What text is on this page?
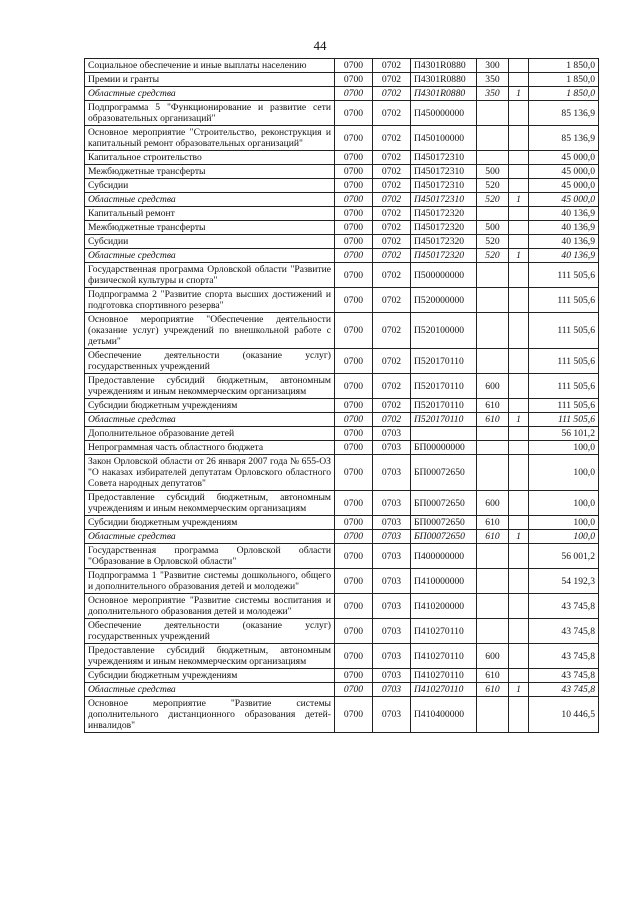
44
Социальное обеспечение и иные выплаты населению	0700	0702	П4301R0880	300		1 850,0
Премии и гранты	0700	0702	П4301R0880	350		1 850,0
Областные средства	0700	0702	П4301R0880	350	1	1 850,0
Подпрограмма 5 "Функционирование и развитие сети образовательных организаций"	0700	0702	П450000000			85 136,9
Основное мероприятие "Строительство, реконструкция и капитальный ремонт образовательных организаций"	0700	0702	П450100000			85 136,9
Капитальное строительство	0700	0702	П450172310			45 000,0
Межбюджетные трансферты	0700	0702	П450172310	500		45 000,0
Субсидии	0700	0702	П450172310	520		45 000,0
Областные средства	0700	0702	П450172310	520	1	45 000,0
Капитальный ремонт	0700	0702	П450172320			40 136,9
Межбюджетные трансферты	0700	0702	П450172320	500		40 136,9
Субсидии	0700	0702	П450172320	520		40 136,9
Областные средства	0700	0702	П450172320	520	1	40 136,9
Государственная программа Орловской области "Развитие физической культуры и спорта"	0700	0702	П500000000			111 505,6
Подпрограмма 2 "Развитие спорта высших достижений и подготовка спортивного резерва"	0700	0702	П520000000			111 505,6
Основное мероприятие "Обеспечение деятельности (оказание услуг) учреждений по внешкольной работе с детьми"	0700	0702	П520100000			111 505,6
Обеспечение деятельности (оказание услуг) государственных учреждений	0700	0702	П520170110			111 505,6
Предоставление субсидий бюджетным, автономным учреждениям и иным некоммерческим организациям	0700	0702	П520170110	600		111 505,6
Субсидии бюджетным учреждениям	0700	0702	П520170110	610		111 505,6
Областные средства	0700	0702	П520170110	610	1	111 505,6
Дополнительное образование детей	0700	0703				56 101,2
Непрограммная часть областного бюджета	0700	0703	БП00000000			100,0
Закон Орловской области от 26 января 2007 года № 655-ОЗ "О наказах избирателей депутатам Орловского областного Совета народных депутатов"	0700	0703	БП00072650			100,0
Предоставление субсидий бюджетным, автономным учреждениям и иным некоммерческим организациям	0700	0703	БП00072650	600		100,0
Субсидии бюджетным учреждениям	0700	0703	БП00072650	610		100,0
Областные средства	0700	0703	БП00072650	610	1	100,0
Государственная программа Орловской области "Образование в Орловской области"	0700	0703	П400000000			56 001,2
Подпрограмма 1 "Развитие системы дошкольного, общего и дополнительного образования детей и молодежи"	0700	0703	П410000000			54 192,3
Основное мероприятие "Развитие системы воспитания и дополнительного образования детей и молодежи"	0700	0703	П410200000			43 745,8
Обеспечение деятельности (оказание услуг) государственных учреждений	0700	0703	П410270110			43 745,8
Предоставление субсидий бюджетным, автономным учреждениям и иным некоммерческим организациям	0700	0703	П410270110	600		43 745,8
Субсидии бюджетным учреждениям	0700	0703	П410270110	610		43 745,8
Областные средства	0700	0703	П410270110	610	1	43 745,8
Основное мероприятие "Развитие системы дополнительного дистанционного образования детей-инвалидов"	0700	0703	П410400000			10 446,5
